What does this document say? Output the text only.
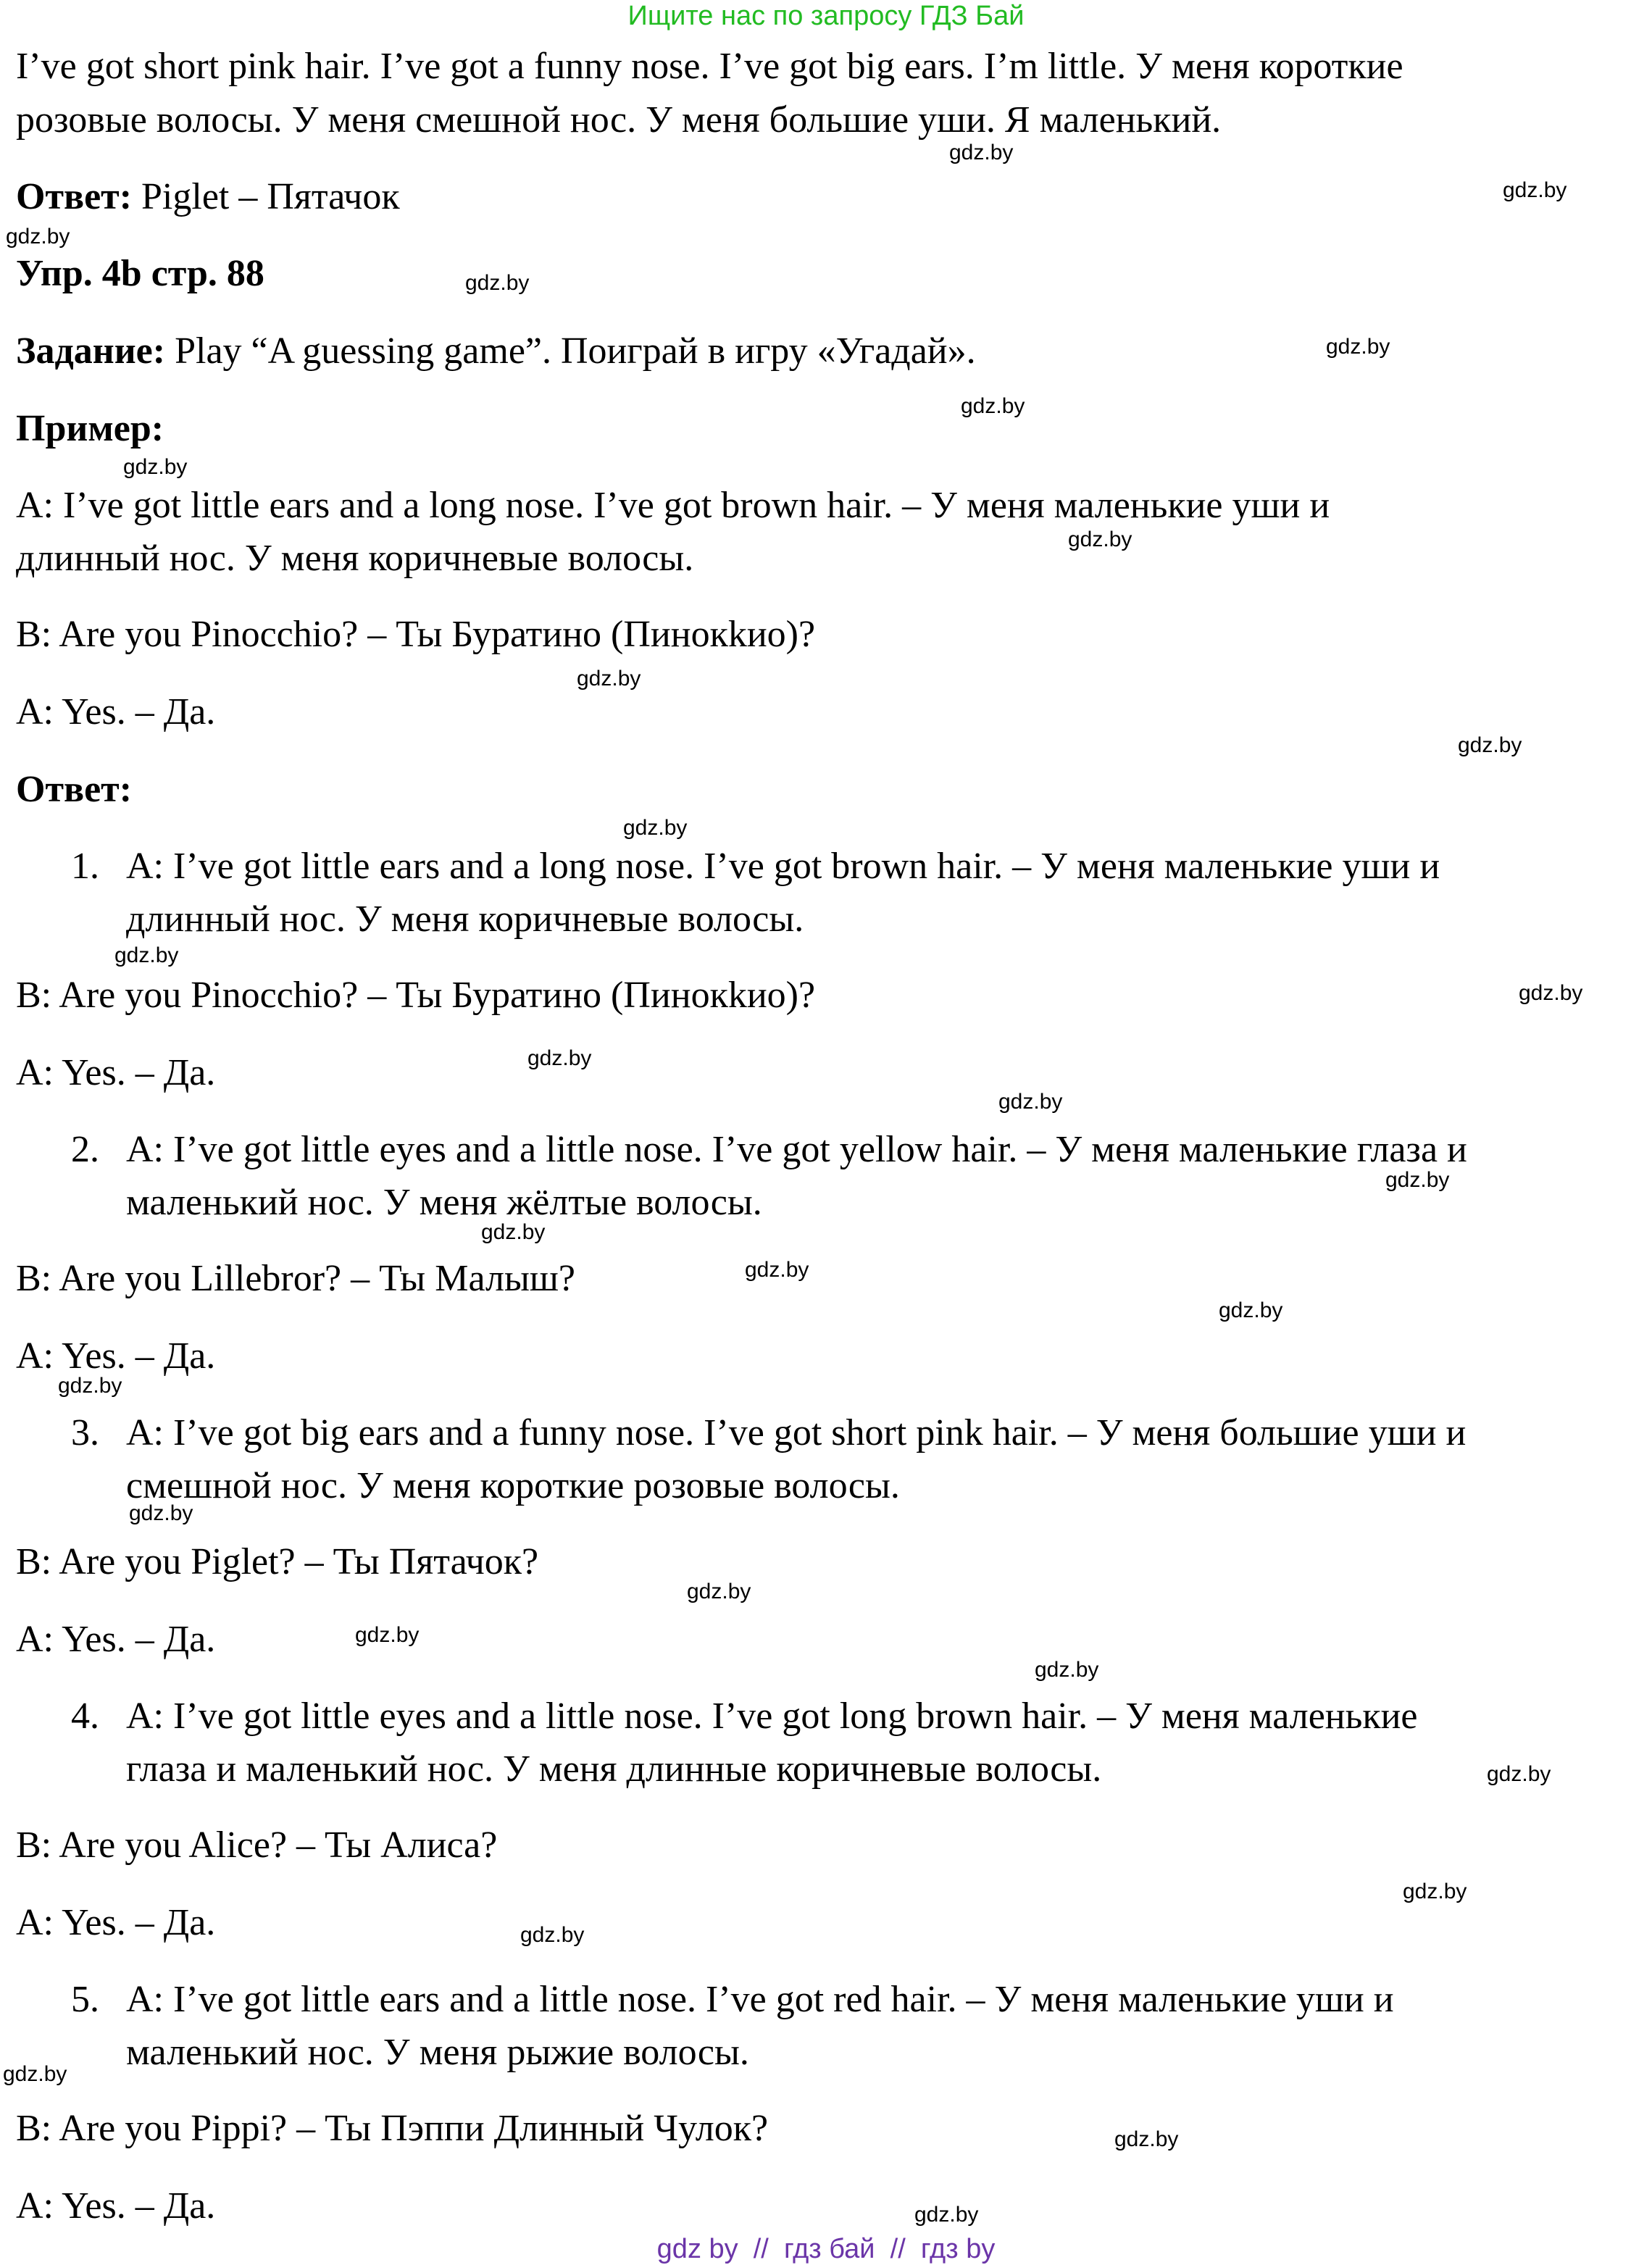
Ищите нас по запросу ГДЗ Бай
I’ve got short pink hair. I’ve got a funny nose. I’ve got big ears. I’m little. У меня короткие
розовые волосы. У меня смешной нос. У меня большие уши. Я маленький.
Ответ: Piglet – Пятачок
Упр. 4b стр. 88
Задание: Play “A guessing game”. Поиграй в игру «Угадай».
Пример:
A: I’ve got little ears and a long nose. I’ve got brown hair. – У меня маленькие уши и
длинный нос. У меня коричневые волосы.
B: Are you Pinocchio? – Ты Буратино (Пинокkио)?
A: Yes. – Да.
Ответ:
1. A: I’ve got little ears and a long nose. I’ve got brown hair. – У меня маленькие уши и
длинный нос. У меня коричневые волосы.
B: Are you Pinocchio? – Ты Буратино (Пинокkио)?
A: Yes. – Да.
2. A: I’ve got little eyes and a little nose. I’ve got yellow hair. – У меня маленькие глаза и
маленький нос. У меня жёлтые волосы.
B: Are you Lillebror? – Ты Малыш?
A: Yes. – Да.
3. A: I’ve got big ears and a funny nose. I’ve got short pink hair. – У меня большие уши и
смешной нос. У меня короткие розовые волосы.
B: Are you Piglet? – Ты Пятачок?
A: Yes. – Да.
4. A: I’ve got little eyes and a little nose. I’ve got long brown hair. – У меня маленькие
глаза и маленький нос. У меня длинные коричневые волосы.
B: Are you Alice? – Ты Алиса?
A: Yes. – Да.
5. A: I’ve got little ears and a little nose. I’ve got red hair. – У меня маленькие уши и
маленький нос. У меня рыжие волосы.
B: Are you Pippi? – Ты Пэппи Длинный Чулок?
A: Yes. – Да.
gdz.by
gdz.by
gdz.by
gdz.by
gdz.by
gdz.by
gdz.by
gdz.by
gdz.by
gdz.by
gdz.by
gdz.by
gdz.by
gdz.by
gdz.by
gdz.by
gdz.by
gdz.by
gdz.by
gdz.by
gdz.by
gdz.by
gdz.by
gdz.by
gdz.by
gdz.by
gdz.by
gdz.by
gdz.by
gdz.by
gdz by  //  гдз бай  //  гдз by
